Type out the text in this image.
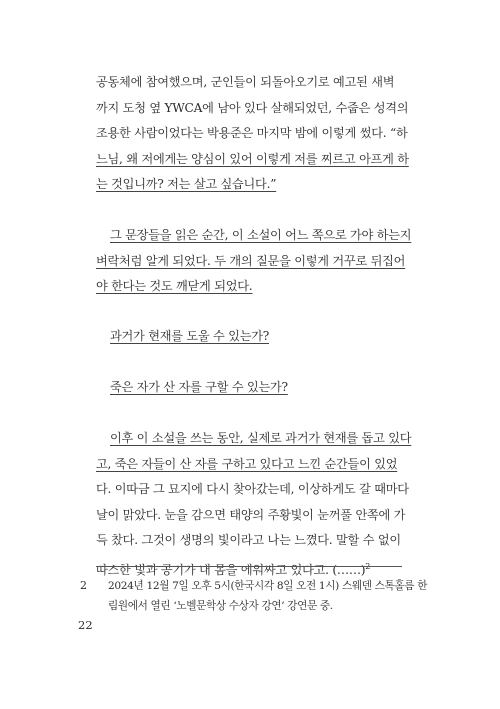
공동체에 참여했으며, 군인들이 되돌아오기로 예고된 새벽
까지 도청 옆 YWCA에 남아 있다 살해되었던, 수줍은 성격의
조용한 사람이었다는 박용준은 마지막 밤에 이렇게 썼다. “하
느님, 왜 저에게는 양심이 있어 이렇게 저를 찌르고 아프게 하
는 것입니까? 저는 살고 싶습니다.”
그 문장들을 읽은 순간, 이 소설이 어느 쪽으로 가야 하는지
벼락처럼 알게 되었다. 두 개의 질문을 이렇게 거꾸로 뒤집어
야 한다는 것도 깨닫게 되었다.
과거가 현재를 도울 수 있는가?
죽은 자가 산 자를 구할 수 있는가?
이후 이 소설을 쓰는 동안, 실제로 과거가 현재를 돕고 있다
고, 죽은 자들이 산 자를 구하고 있다고 느낀 순간들이 있었
다. 이따금 그 묘지에 다시 찾아갔는데, 이상하게도 갈 때마다
날이 맑았다. 눈을 감으면 태양의 주황빛이 눈꺼풀 안쪽에 가
득 찼다. 그것이 생명의 빛이라고 나는 느꼈다. 말할 수 없이
따스한 빛과 공기가 내 몸을 에워싸고 있다고. (……)$^2$
2 2024년 12월 7일 오후 5시(한국시각 8일 오전 1시) 스웨덴 스톡홀름 한
림원에서 열린 ‘노벨문학상 수상자 강연’ 강연문 중.
22
